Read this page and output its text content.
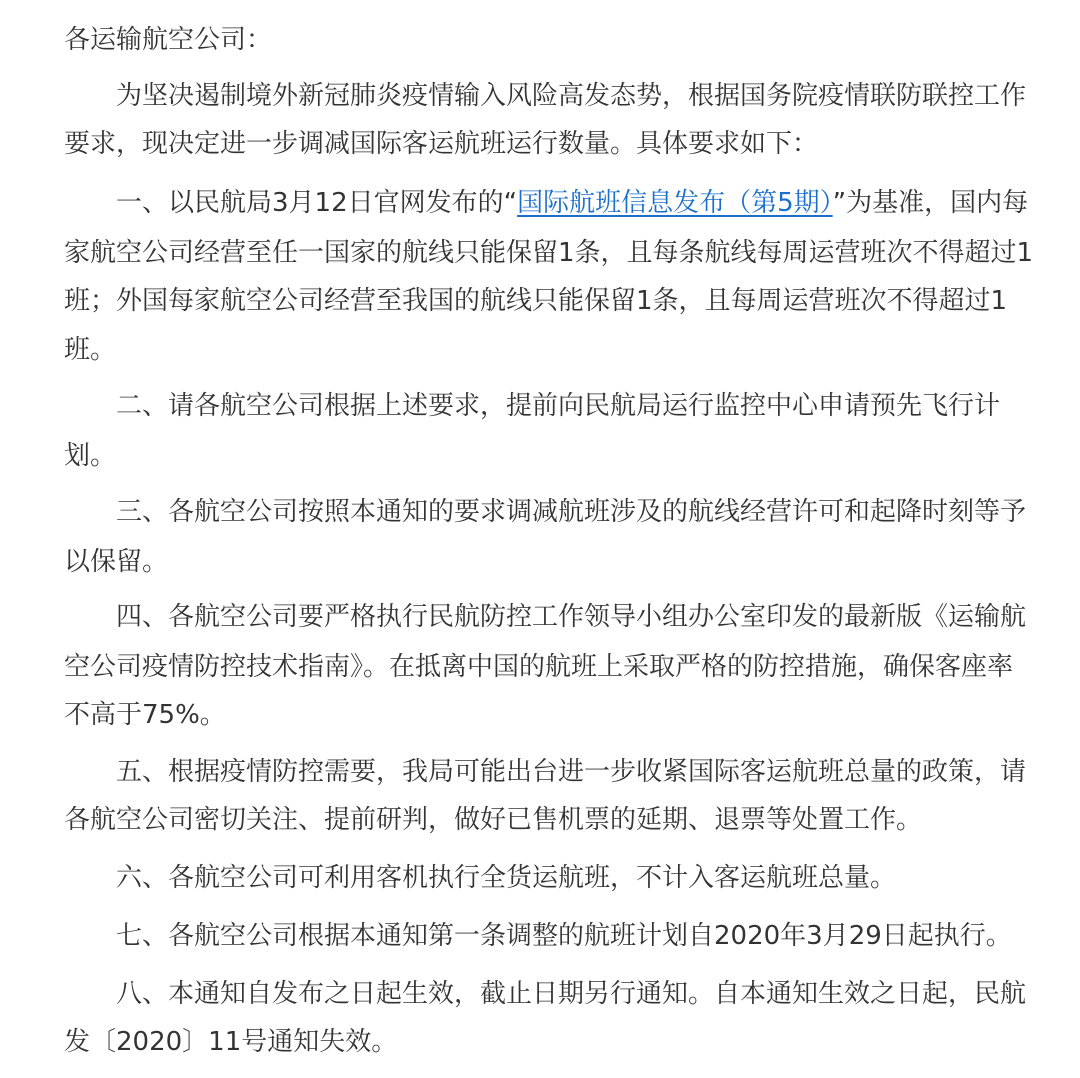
各运输航空公司：
为坚决遏制境外新冠肺炎疫情输入风险高发态势，根据国务院疫情联防联控工作
要求，现决定进一步调减国际客运航班运行数量。具体要求如下：
一、以民航局3月12日官网发布的“国际航班信息发布（第5期）”为基准，国内每
家航空公司经营至任一国家的航线只能保留1条，且每条航线每周运营班次不得超过1
班；外国每家航空公司经营至我国的航线只能保留1条，且每周运营班次不得超过1
班。
二、请各航空公司根据上述要求，提前向民航局运行监控中心申请预先飞行计
划。
三、各航空公司按照本通知的要求调减航班涉及的航线经营许可和起降时刻等予
以保留。
四、各航空公司要严格执行民航防控工作领导小组办公室印发的最新版《运输航
空公司疫情防控技术指南》。在抵离中国的航班上采取严格的防控措施，确保客座率
不高于75%。
五、根据疫情防控需要，我局可能出台进一步收紧国际客运航班总量的政策，请
各航空公司密切关注、提前研判，做好已售机票的延期、退票等处置工作。
六、各航空公司可利用客机执行全货运航班，不计入客运航班总量。
七、各航空公司根据本通知第一条调整的航班计划自2020年3月29日起执行。
八、本通知自发布之日起生效，截止日期另行通知。自本通知生效之日起，民航
发〔2020〕11号通知失效。
